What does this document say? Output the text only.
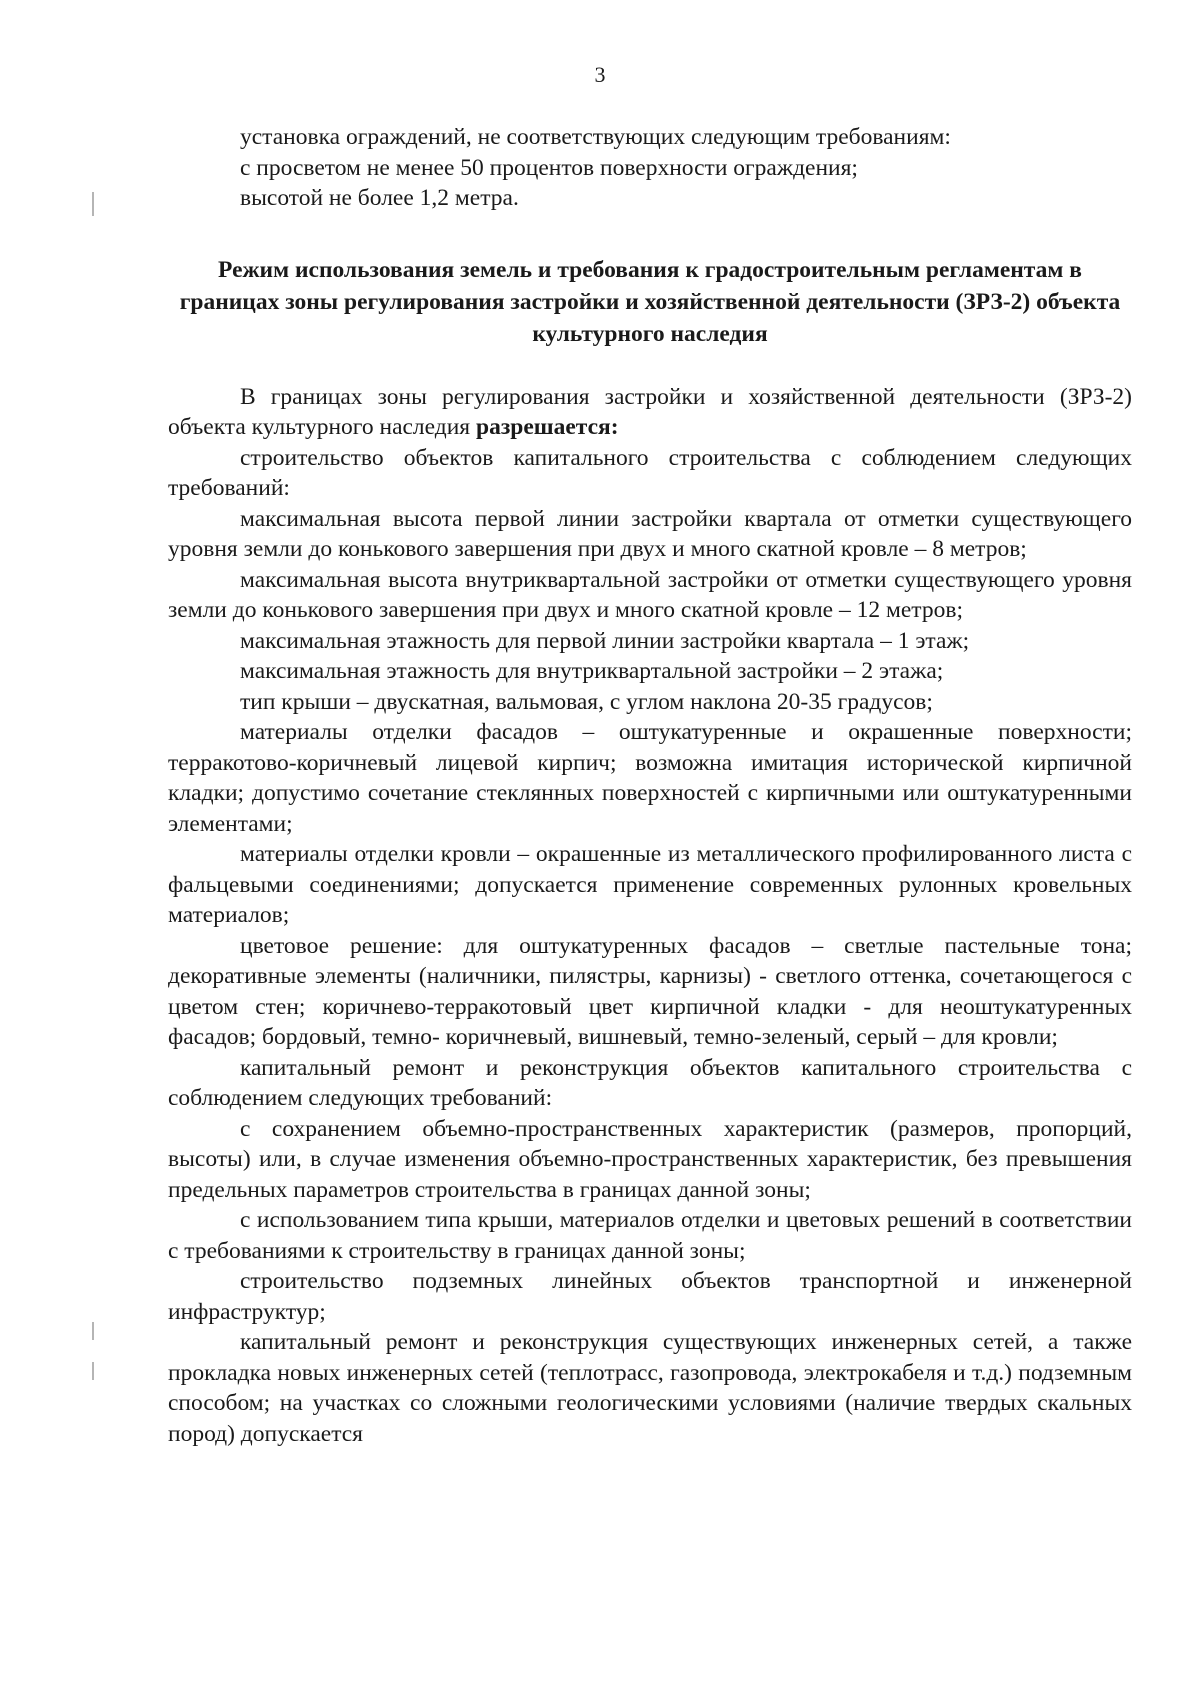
3

установка ограждений, не соответствующих следующим требованиям:

с просветом не менее 50 процентов поверхности ограждения;

высотой не более 1,2 метра.

Режим использования земель и требования к градостроительным регламентам в границах зоны регулирования застройки и хозяйственной деятельности (ЗРЗ-2) объекта культурного наследия

В границах зоны регулирования застройки и хозяйственной деятельности (ЗРЗ-2) объекта культурного наследия разрешается:

строительство объектов капитального строительства с соблюдением следующих требований:

максимальная высота первой линии застройки квартала от отметки существующего уровня земли до конькового завершения при двух и много скатной кровле – 8 метров;

максимальная высота внутриквартальной застройки от отметки существующего уровня земли до конькового завершения при двух и много скатной кровле – 12 метров;

максимальная этажность для первой линии застройки квартала – 1 этаж;

максимальная этажность для внутриквартальной застройки – 2 этажа;

тип крыши – двускатная, вальмовая, с углом наклона 20-35 градусов;

материалы отделки фасадов – оштукатуренные и окрашенные поверхности; терракотово-коричневый лицевой кирпич; возможна имитация исторической кирпичной кладки; допустимо сочетание стеклянных поверхностей с кирпичными или оштукатуренными элементами;

материалы отделки кровли – окрашенные из металлического профилированного листа с фальцевыми соединениями; допускается применение современных рулонных кровельных материалов;

цветовое решение: для оштукатуренных фасадов – светлые пастельные тона; декоративные элементы (наличники, пилястры, карнизы) - светлого оттенка, сочетающегося с цветом стен; коричнево-терракотовый цвет кирпичной кладки - для неоштукатуренных фасадов; бордовый, темно- коричневый, вишневый, темно-зеленый, серый – для кровли;

капитальный ремонт и реконструкция объектов капитального строительства с соблюдением следующих требований:

с сохранением объемно-пространственных характеристик (размеров, пропорций, высоты) или, в случае изменения объемно-пространственных характеристик, без превышения предельных параметров строительства в границах данной зоны;

с использованием типа крыши, материалов отделки и цветовых решений в соответствии с требованиями к строительству в границах данной зоны;

строительство подземных линейных объектов транспортной и инженерной инфраструктур;

капитальный ремонт и реконструкция существующих инженерных сетей, а также прокладка новых инженерных сетей (теплотрасс, газопровода, электрокабеля и т.д.) подземным способом; на участках со сложными геологическими условиями (наличие твердых скальных пород) допускается
